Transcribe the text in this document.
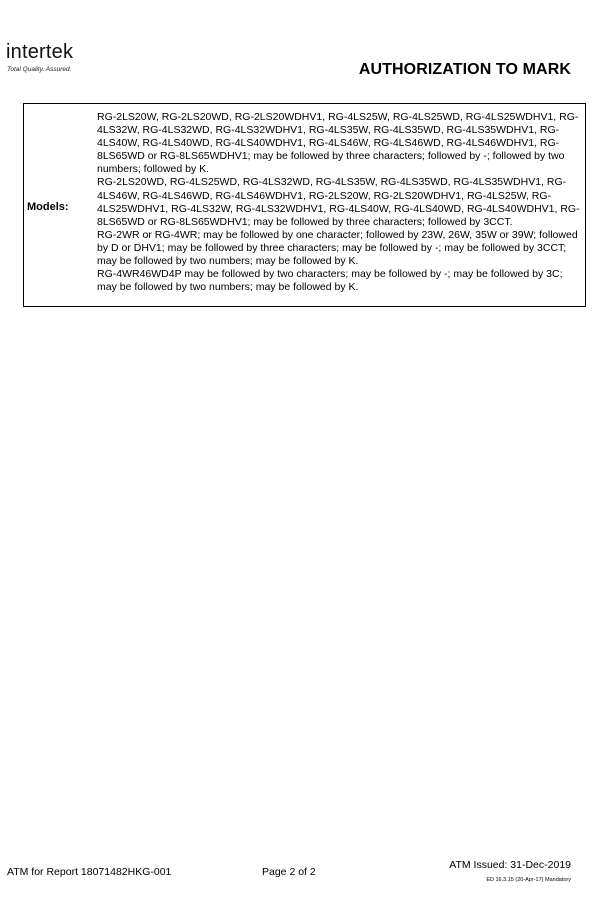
intertek
Total Quality. Assured.	AUTHORIZATION TO MARK
Models:

RG-2LS20W, RG-2LS20WD, RG-2LS20WDHV1, RG-4LS25W, RG-4LS25WD, RG-4LS25WDHV1, RG-4LS32W, RG-4LS32WD, RG-4LS32WDHV1, RG-4LS35W, RG-4LS35WD, RG-4LS35WDHV1, RG-4LS40W, RG-4LS40WD, RG-4LS40WDHV1, RG-4LS46W, RG-4LS46WD, RG-4LS46WDHV1, RG-8LS65WD or RG-8LS65WDHV1; may be followed by three characters; followed by -; followed by two numbers; followed by K.

RG-2LS20WD, RG-4LS25WD, RG-4LS32WD, RG-4LS35W, RG-4LS35WD, RG-4LS35WDHV1, RG-4LS46W, RG-4LS46WD, RG-4LS46WDHV1, RG-2LS20W, RG-2LS20WDHV1, RG-4LS25W, RG-4LS25WDHV1, RG-4LS32W, RG-4LS32WDHV1, RG-4LS40W, RG-4LS40WD, RG-4LS40WDHV1, RG-8LS65WD or RG-8LS65WDHV1; may be followed by three characters; followed by 3CCT.

RG-2WR or RG-4WR; may be followed by one character; followed by 23W, 26W, 35W or 39W; followed by D or DHV1; may be followed by three characters; may be followed by -; may be followed by 3CCT; may be followed by two numbers; may be followed by K.

RG-4WR46WD4P may be followed by two characters; may be followed by -; may be followed by 3C; may be followed by two numbers; may be followed by K.

ATM for Report 18071482HKG-001	Page 2 of 2
ATM Issued: 31-Dec-2019
ED 16.3.15 (20-Apr-17) Mandatory
